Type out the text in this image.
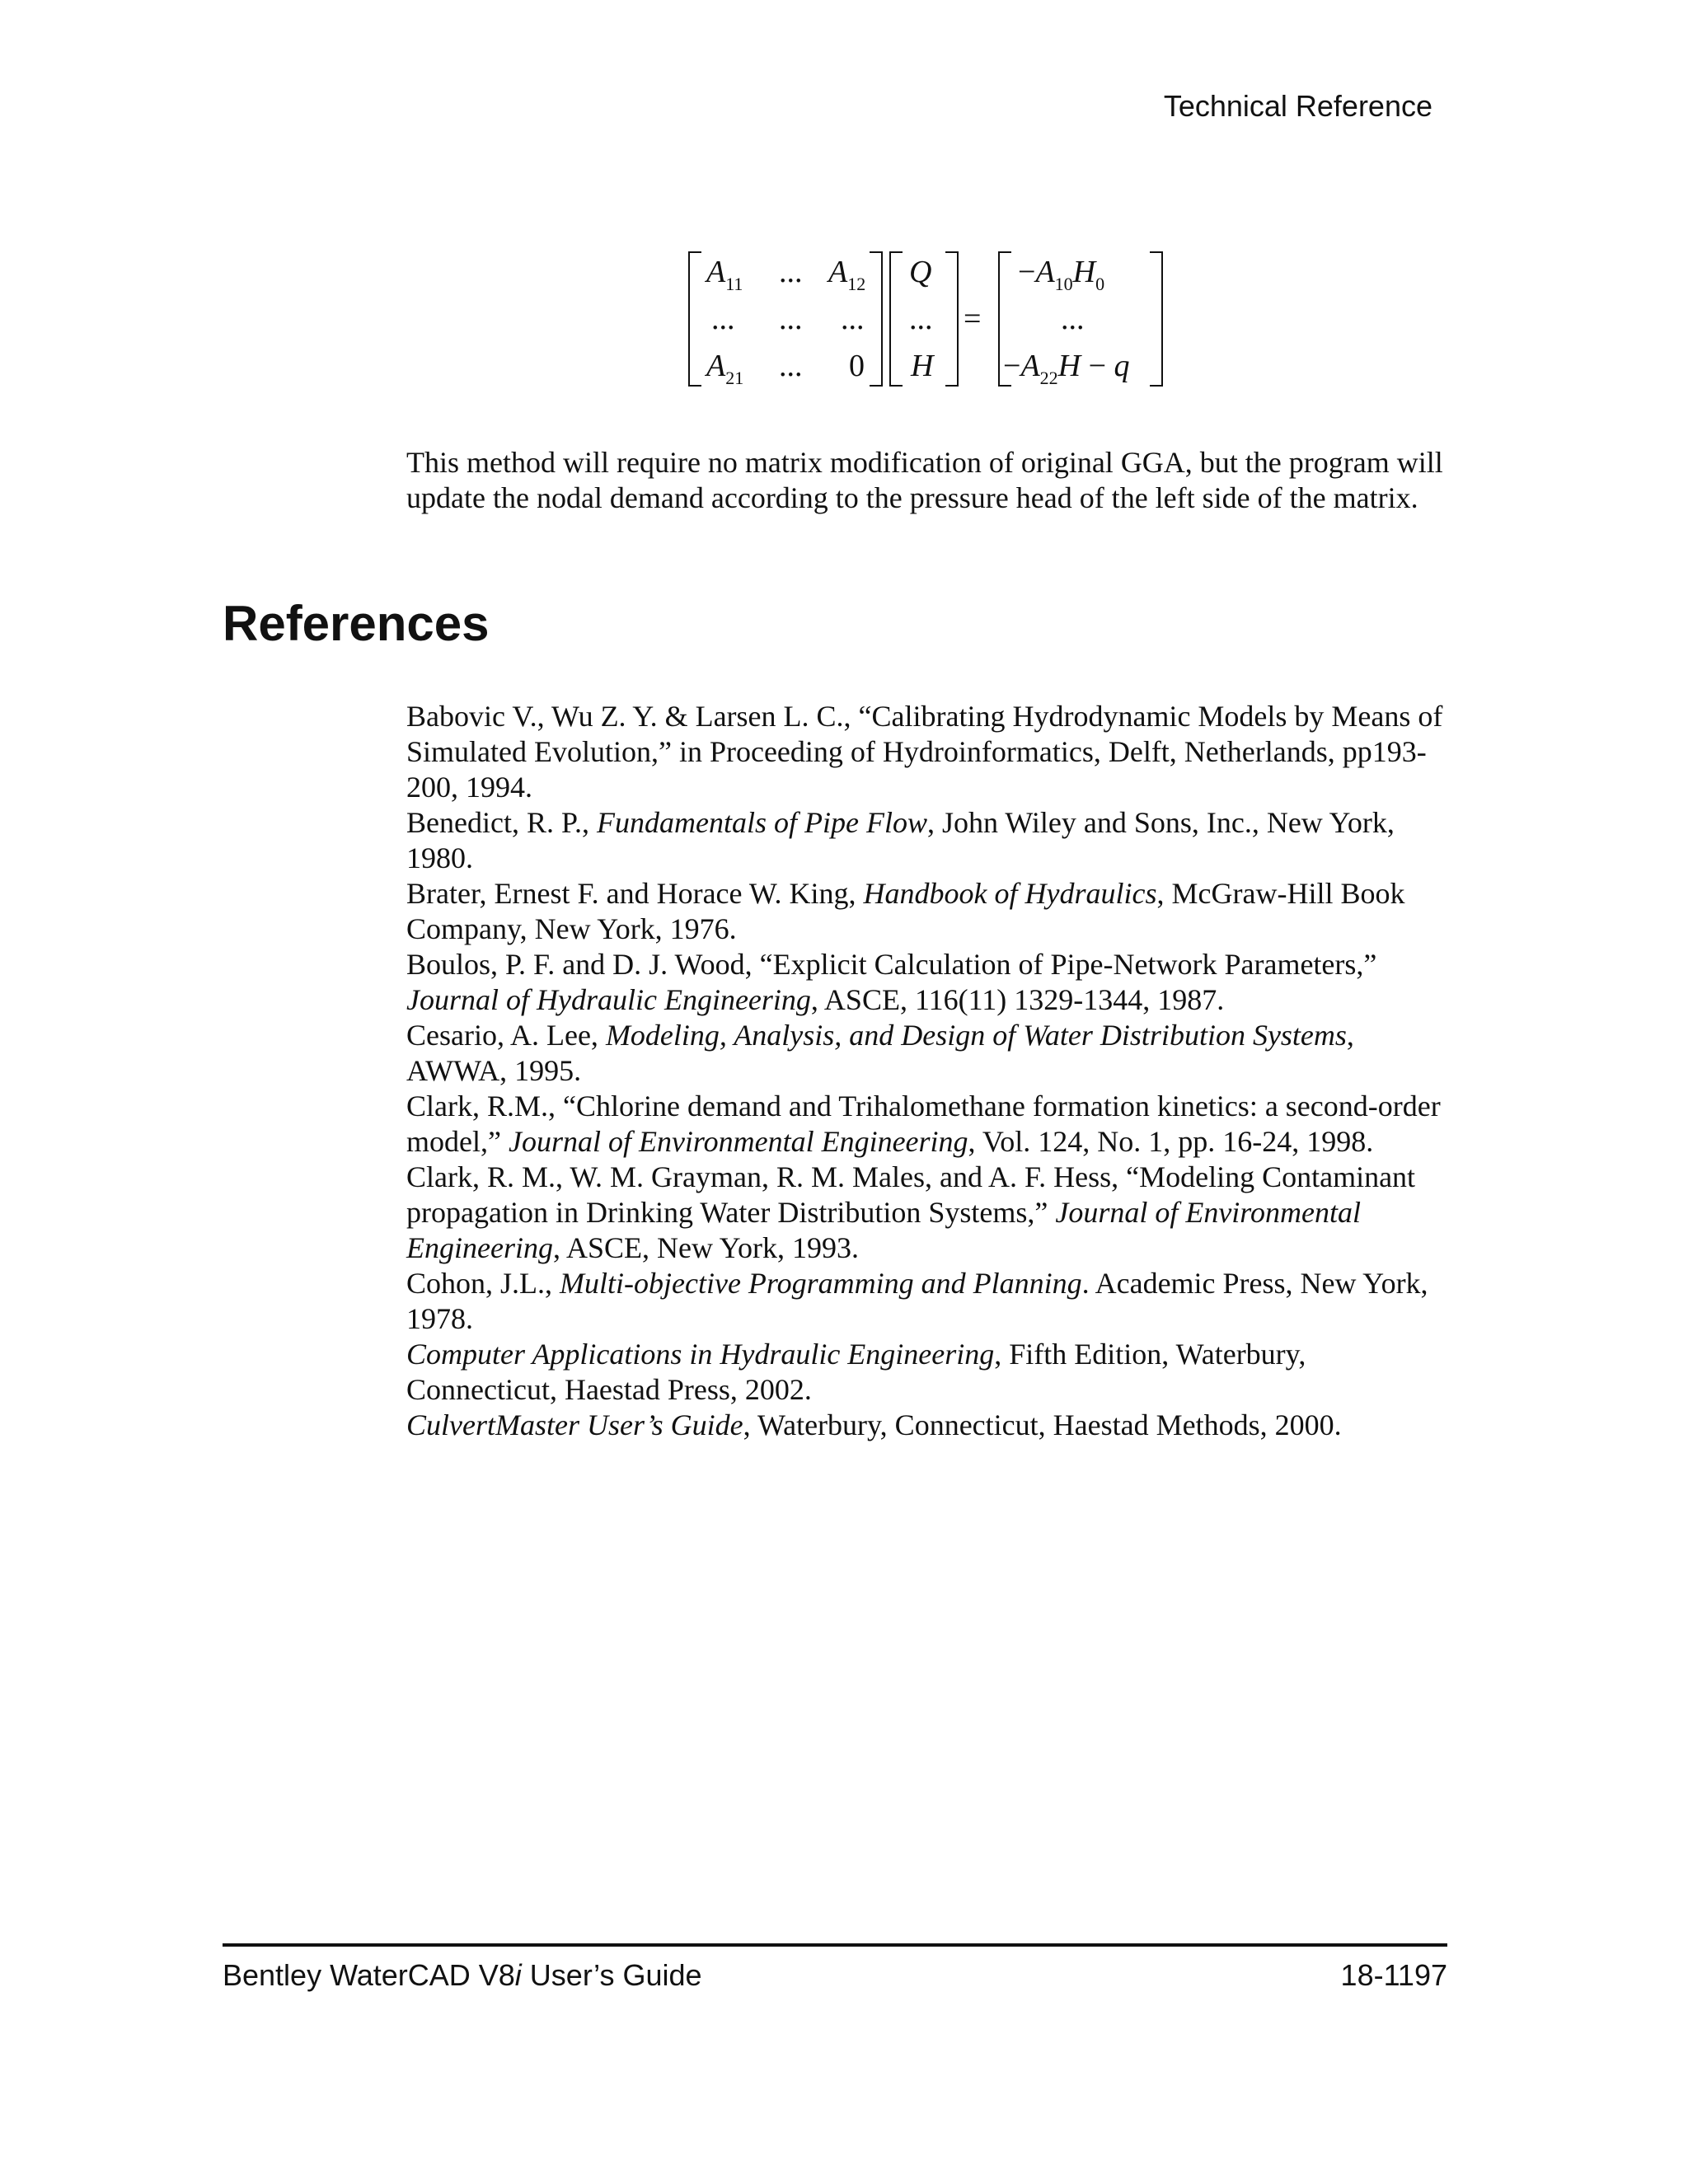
Technical Reference
$A_{11}$ ... $A_{12}$
... ... ...
$A_{21}$ ... 0
Q
...
H
=
$-A_{10}H_0$
...
$-A_{22}H - q$

This method will require no matrix modification of original GGA, but the program will update the nodal demand according to the pressure head of the left side of the matrix.

References

Babovic V., Wu Z. Y. & Larsen L. C., “Calibrating Hydrodynamic Models by Means of Simulated Evolution,” in Proceeding of Hydroinformatics, Delft, Netherlands, pp193-200, 1994.

Benedict, R. P., Fundamentals of Pipe Flow, John Wiley and Sons, Inc., New York, 1980.

Brater, Ernest F. and Horace W. King, Handbook of Hydraulics, McGraw-Hill Book Company, New York, 1976.

Boulos, P. F. and D. J. Wood, “Explicit Calculation of Pipe-Network Parameters,” Journal of Hydraulic Engineering, ASCE, 116(11) 1329-1344, 1987.

Cesario, A. Lee, Modeling, Analysis, and Design of Water Distribution Systems, AWWA, 1995.

Clark, R.M., “Chlorine demand and Trihalomethane formation kinetics: a second-order model,” Journal of Environmental Engineering, Vol. 124, No. 1, pp. 16-24, 1998.

Clark, R. M., W. M. Grayman, R. M. Males, and A. F. Hess, “Modeling Contaminant propagation in Drinking Water Distribution Systems,” Journal of Environmental Engineering, ASCE, New York, 1993.

Cohon, J.L., Multi-objective Programming and Planning. Academic Press, New York, 1978.

Computer Applications in Hydraulic Engineering, Fifth Edition, Waterbury, Connecticut, Haestad Press, 2002.

CulvertMaster User’s Guide, Waterbury, Connecticut, Haestad Methods, 2000.

Bentley WaterCAD V8i User’s Guide	18-1197
